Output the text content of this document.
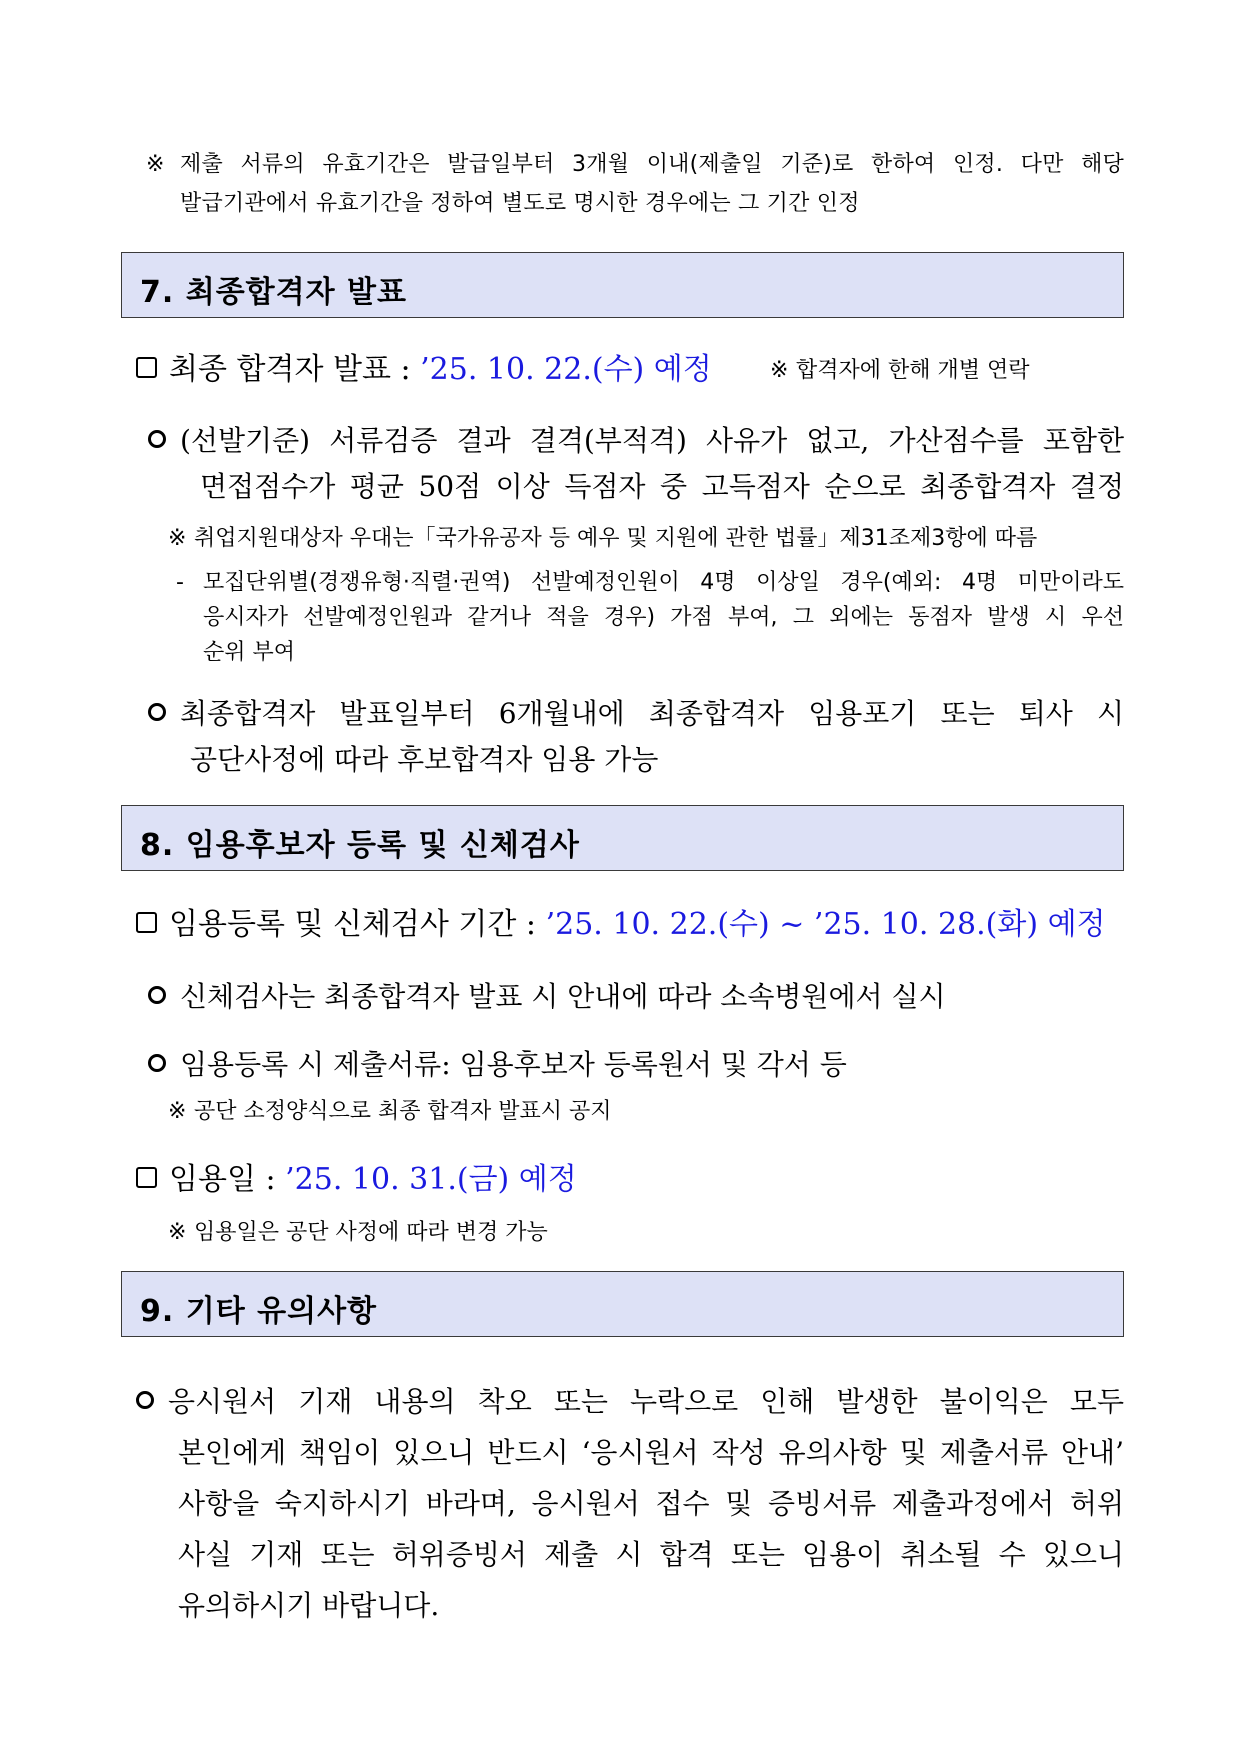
※ 제출 서류의 유효기간은 발급일부터 3개월 이내(제출일 기준)로 한하여 인정. 다만 해당
발급기관에서 유효기간을 정하여 별도로 명시한 경우에는 그 기간 인정
7. 최종합격자 발표
최종 합격자 발표 : ’25. 10. 22.(수) 예정	※ 합격자에 한해 개별 연락
(선발기준) 서류검증 결과 결격(부적격) 사유가 없고, 가산점수를 포함한
면접점수가 평균 50점 이상 득점자 중 고득점자 순으로 최종합격자 결정
※ 취업지원대상자 우대는「국가유공자 등 예우 및 지원에 관한 법률」제31조제3항에 따름
- 모집단위별(경쟁유형·직렬·권역) 선발예정인원이 4명 이상일 경우(예외: 4명 미만이라도
응시자가 선발예정인원과 같거나 적을 경우) 가점 부여, 그 외에는 동점자 발생 시 우선
순위 부여
최종합격자 발표일부터 6개월내에 최종합격자 임용포기 또는 퇴사 시
공단사정에 따라 후보합격자 임용 가능
8. 임용후보자 등록 및 신체검사
임용등록 및 신체검사 기간 : ’25. 10. 22.(수) ~ ’25. 10. 28.(화) 예정
신체검사는 최종합격자 발표 시 안내에 따라 소속병원에서 실시
임용등록 시 제출서류: 임용후보자 등록원서 및 각서 등
※ 공단 소정양식으로 최종 합격자 발표시 공지
임용일 : ’25. 10. 31.(금) 예정
※ 임용일은 공단 사정에 따라 변경 가능
9. 기타 유의사항
응시원서 기재 내용의 착오 또는 누락으로 인해 발생한 불이익은 모두
본인에게 책임이 있으니 반드시 ‘응시원서 작성 유의사항 및 제출서류 안내’
사항을 숙지하시기 바라며, 응시원서 접수 및 증빙서류 제출과정에서 허위
사실 기재 또는 허위증빙서 제출 시 합격 또는 임용이 취소될 수 있으니
유의하시기 바랍니다.
